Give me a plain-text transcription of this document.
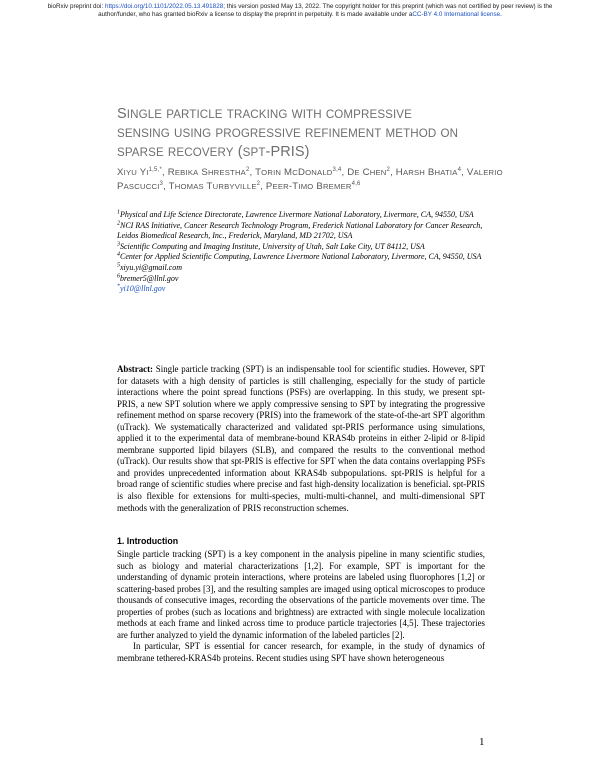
bioRxiv preprint doi: https://doi.org/10.1101/2022.05.13.491828; this version posted May 13, 2022. The copyright holder for this preprint (which was not certified by peer review) is the author/funder, who has granted bioRxiv a license to display the preprint in perpetuity. It is made available under aCC-BY 4.0 International license.
SINGLE PARTICLE TRACKING WITH COMPRESSIVE
SENSING USING PROGRESSIVE REFINEMENT METHOD ON
SPARSE RECOVERY (SPT-PRIS)
XIYU $YI^{1,5,*}$, REBIKA SHRESTHA$^2$, TORIN MCDONALD$^{3,4}$, DE CHEN$^2$, HARSH BHATIA$^4$, VALERIO PASCUCCI$^3$, THOMAS TURBYVILLE$^2$, PEER-TIMO BREMER$^{4,6}$
$^1$Physical and Life Science Directorate, Lawrence Livermore National Laboratory, Livermore, CA, 94550, USA
$^2$NCI RAS Initiative, Cancer Research Technology Program, Frederick National Laboratory for Cancer Research, Leidos Biomedical Research, Inc., Frederick, Maryland, MD 21702, USA
$^3$Scientific Computing and Imaging Institute, University of Utah, Salt Lake City, UT 84112, USA
$^4$Center for Applied Scientific Computing, Lawrence Livermore National Laboratory, Livermore, CA, 94550, USA
$^5$xiyu.yi@gmail.com
$^6$bremer5@llnl.gov
*yi10@llnl.gov
Abstract: Single particle tracking (SPT) is an indispensable tool for scientific studies. However, SPT for datasets with a high density of particles is still challenging, especially for the study of particle interactions where the point spread functions (PSFs) are overlapping. In this study, we present spt-PRIS, a new SPT solution where we apply compressive sensing to SPT by integrating the progressive refinement method on sparse recovery (PRIS) into the framework of the state-of-the-art SPT algorithm (uTrack). We systematically characterized and validated spt-PRIS performance using simulations, applied it to the experimental data of membrane-bound KRAS4b proteins in either 2-lipid or 8-lipid membrane supported lipid bilayers (SLB), and compared the results to the conventional method (uTrack). Our results show that spt-PRIS is effective for SPT when the data contains overlapping PSFs and provides unprecedented information about KRAS4b subpopulations. spt-PRIS is helpful for a broad range of scientific studies where precise and fast high-density localization is beneficial. spt-PRIS is also flexible for extensions for multi-species, multi-multi-channel, and multi-dimensional SPT methods with the generalization of PRIS reconstruction schemes.
1. Introduction

Single particle tracking (SPT) is a key component in the analysis pipeline in many scientific studies, such as biology and material characterizations [1,2]. For example, SPT is important for the understanding of dynamic protein interactions, where proteins are labeled using fluorophores [1,2] or scattering-based probes [3], and the resulting samples are imaged using optical microscopes to produce thousands of consecutive images, recording the observations of the particle movements over time. The properties of probes (such as locations and brightness) are extracted with single molecule localization methods at each frame and linked across time to produce particle trajectories [4,5]. These trajectories are further analyzed to yield the dynamic information of the labeled particles [2].

In particular, SPT is essential for cancer research, for example, in the study of dynamics of membrane tethered-KRAS4b proteins. Recent studies using SPT have shown heterogeneous

1
